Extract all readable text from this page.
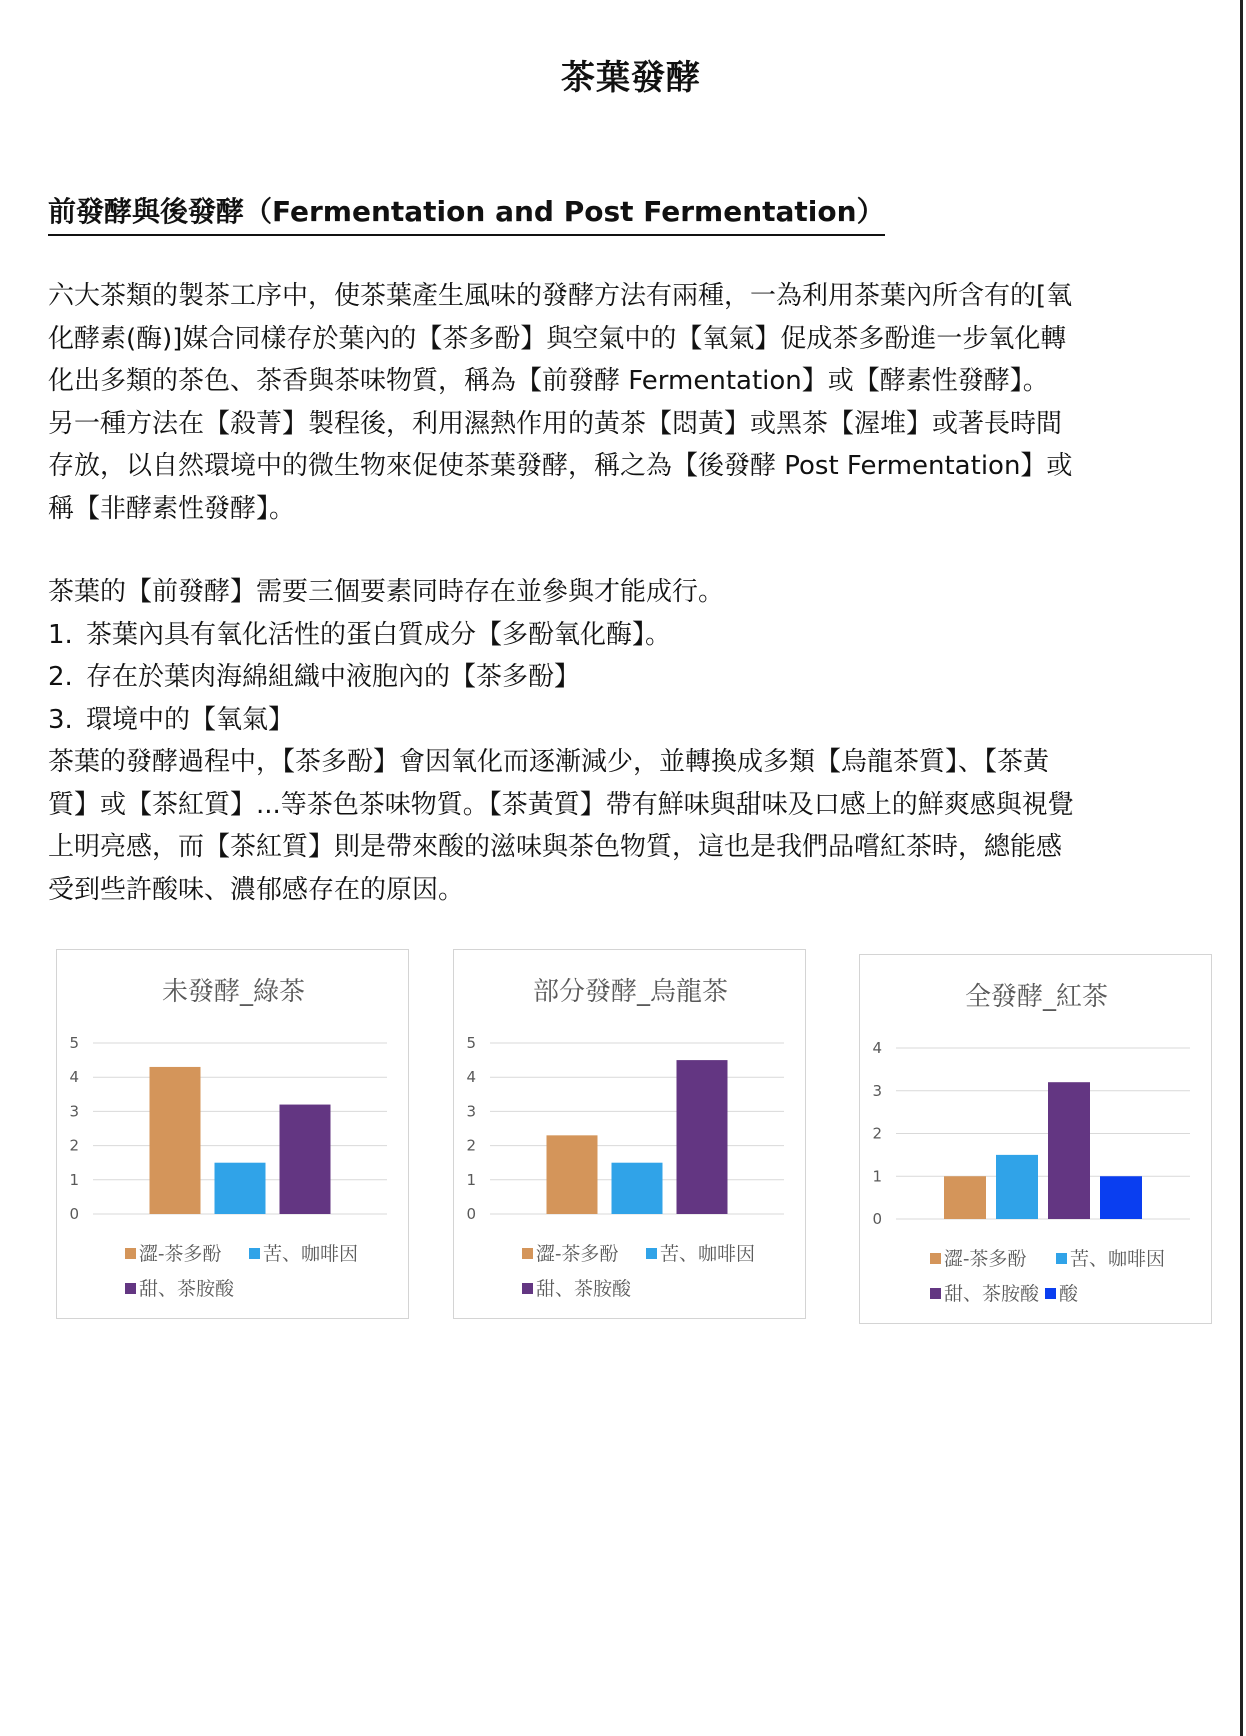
茶葉發酵
前發酵與後發酵（Fermentation and Post Fermentation）

六大茶類的製茶工序中，使茶葉產生風味的發酵方法有兩種，一為利用茶葉內所含有的[氧

化酵素(酶)]媒合同樣存於葉內的【茶多酚】與空氣中的【氧氣】促成茶多酚進一步氧化轉

化出多類的茶色、茶香與茶味物質，稱為【前發酵 Fermentation】或【酵素性發酵】。

另一種方法在【殺菁】製程後，利用濕熱作用的黃茶【悶黃】或黑茶【渥堆】或著長時間

存放，以自然環境中的微生物來促使茶葉發酵，稱之為【後發酵 Post Fermentation】或

稱【非酵素性發酵】。

茶葉的【前發酵】需要三個要素同時存在並參與才能成行。

1. 茶葉內具有氧化活性的蛋白質成分【多酚氧化酶】。
2. 存在於葉肉海綿組織中液胞內的【茶多酚】
3. 環境中的【氧氣】

茶葉的發酵過程中，【茶多酚】會因氧化而逐漸減少，並轉換成多類【烏龍茶質】、【茶黃

質】或【茶紅質】...等茶色茶味物質。【茶黃質】帶有鮮味與甜味及口感上的鮮爽感與視覺

上明亮感，而【茶紅質】則是帶來酸的滋味與茶色物質，這也是我們品嚐紅茶時，總能感

受到些許酸味、濃郁感存在的原因。

未發酵_綠茶
0
1
2
3
4
5
澀-茶多酚 苦、咖啡因
甜、茶胺酸
部分發酵_烏龍茶
0
1
2
3
4
5
澀-茶多酚 苦、咖啡因
甜、茶胺酸
全發酵_紅茶
0
1
2
3
4
澀-茶多酚 苦、咖啡因
甜、茶胺酸 酸
